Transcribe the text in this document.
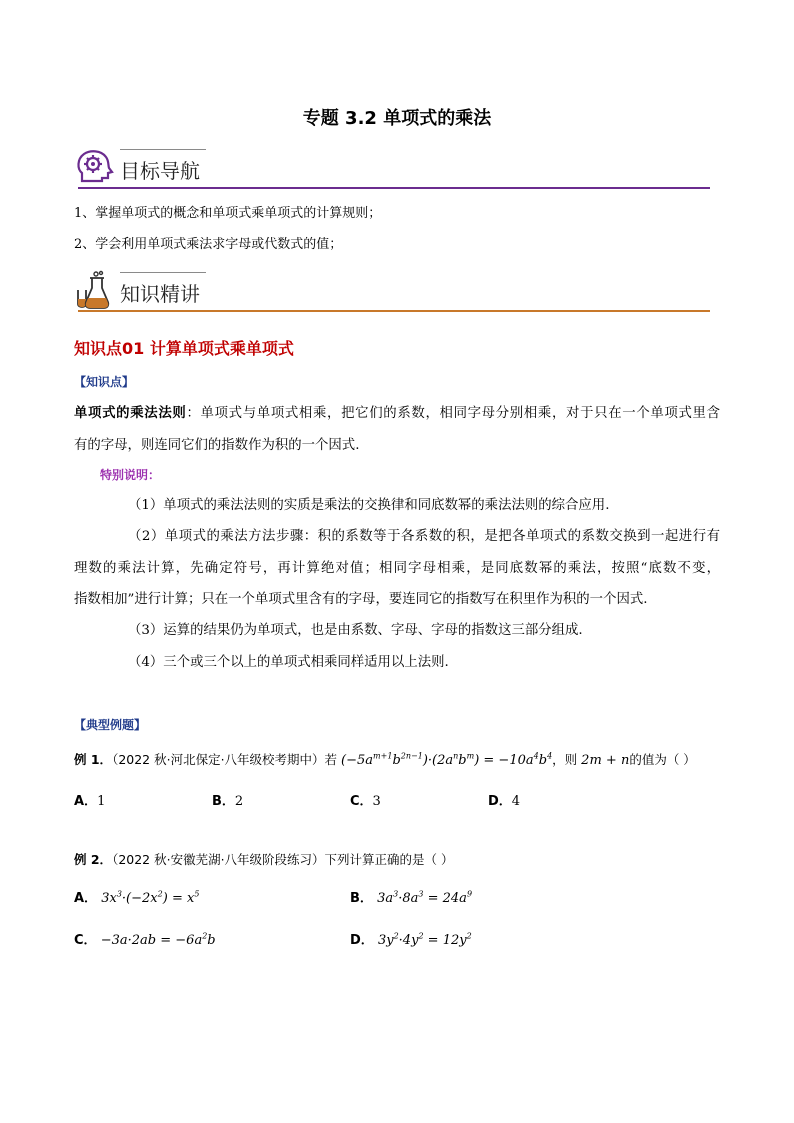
专题 3.2 单项式的乘法
目标导航
1、掌握单项式的概念和单项式乘单项式的计算规则；
2、学会利用单项式乘法求字母或代数式的值；
知识精讲
知识点01 计算单项式乘单项式
【知识点】
单项式的乘法法则：单项式与单项式相乘，把它们的系数，相同字母分别相乘，对于只在一个单项式里含
有的字母，则连同它们的指数作为积的一个因式.
特别说明：
（1）单项式的乘法法则的实质是乘法的交换律和同底数幂的乘法法则的综合应用.
（2）单项式的乘法方法步骤：积的系数等于各系数的积，是把各单项式的系数交换到一起进行有
理数的乘法计算，先确定符号，再计算绝对值；相同字母相乘，是同底数幂的乘法，按照“底数不变，
指数相加”进行计算；只在一个单项式里含有的字母，要连同它的指数写在积里作为积的一个因式.
（3）运算的结果仍为单项式，也是由系数、字母、字母的指数这三部分组成.
（4）三个或三个以上的单项式相乘同样适用以上法则.
【典型例题】
例 1．（2022 秋·河北保定·八年级校考期中）若 $(-5a^{m+1}b^{2n-1})\cdot(2a^nb^m) = -10a^4b^4$，则 2m + n的值为（ ）
A．1	B．2	C．3	D．4
例 2．（2022 秋·安徽芜湖·八年级阶段练习）下列计算正确的是（ ）
A． $3x^3\cdot(-2x^2) = x^5$	B． $3a^3\cdot 8a^3 = 24a^9$
C． $-3a\cdot 2ab = -6a^2b$	D． $3y^2\cdot 4y^2 = 12y^2$
